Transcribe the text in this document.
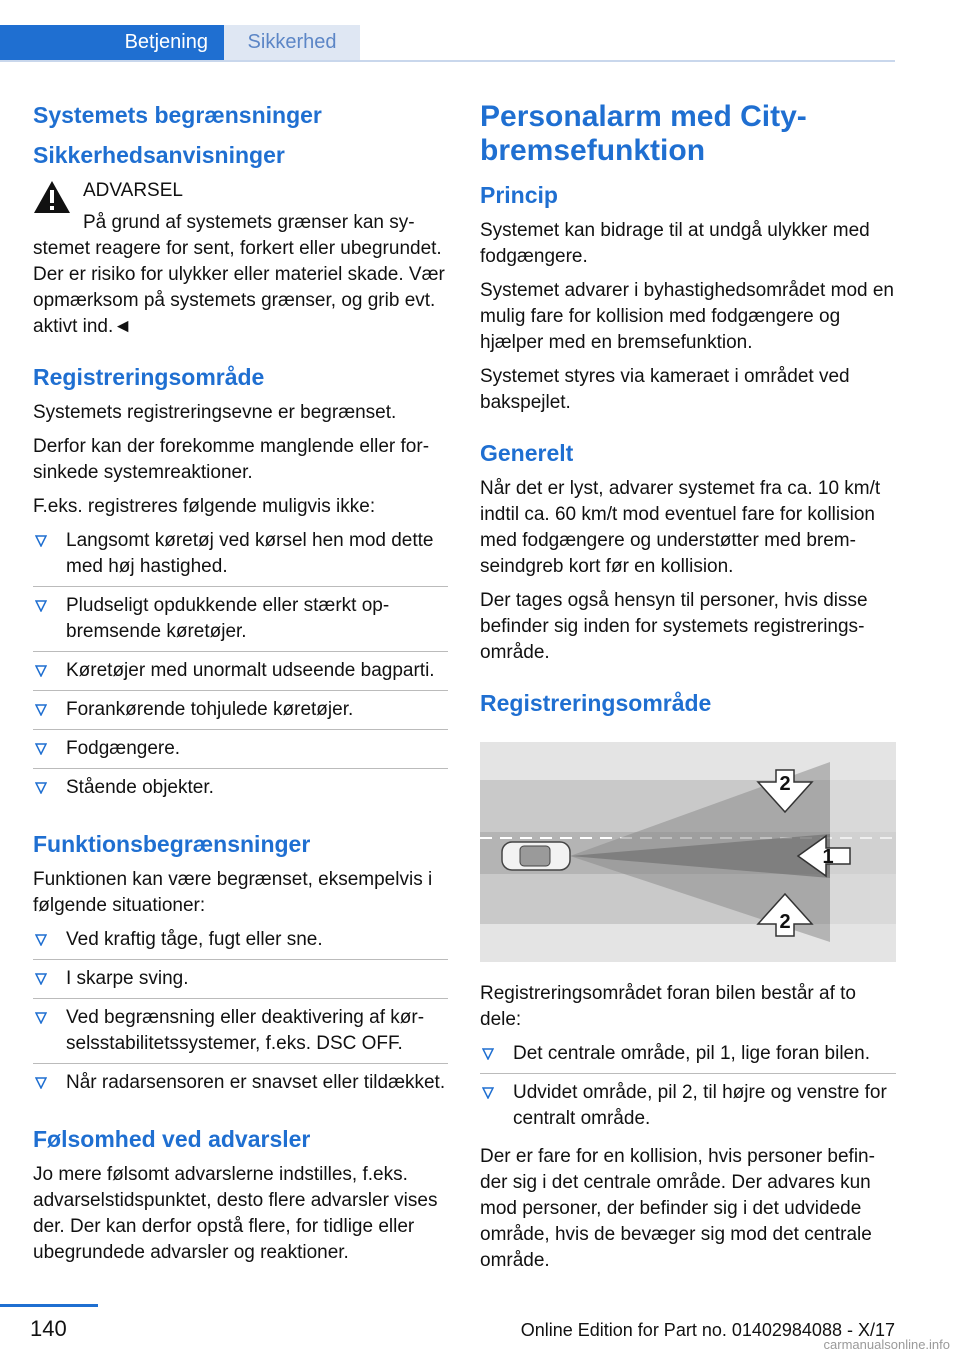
Betjening	Sikkerhed
Systemets begrænsninger
Sikkerhedsanvisninger
ADVARSEL
På grund af systemets grænser kan systemet reagere for sent, forkert eller ubegrundet. Der er risiko for ulykker eller materiel skade. Vær opmærksom på systemets grænser, og grib evt. aktivt ind.◄
Registreringsområde
Systemets registreringsevne er begrænset.
Derfor kan der forekomme manglende eller forsinkede systemreaktioner.
F.eks. registreres følgende muligvis ikke:
Langsomt køretøj ved kørsel hen mod dette med høj hastighed.
Pludseligt opdukkende eller stærkt opbremsende køretøjer.
Køretøjer med unormalt udseende bagparti.
Forankørende tohjulede køretøjer.
Fodgængere.
Stående objekter.
Funktionsbegrænsninger
Funktionen kan være begrænset, eksempelvis i følgende situationer:
Ved kraftig tåge, fugt eller sne.
I skarpe sving.
Ved begrænsning eller deaktivering af kørselsstabilitetssystemer, f.eks. DSC OFF.
Når radarsensoren er snavset eller tildækket.
Følsomhed ved advarsler
Jo mere følsomt advarslerne indstilles, f.eks. advarselstidspunktet, desto flere advarsler vises der. Der kan derfor opstå flere, for tidlige eller ubegrundede advarsler og reaktioner.
Personalarm med City-bremsefunktion
Princip
Systemet kan bidrage til at undgå ulykker med fodgængere.
Systemet advarer i byhastighedsområdet mod en mulig fare for kollision med fodgængere og hjælper med en bremsefunktion.
Systemet styres via kameraet i området ved bakspejlet.
Generelt
Når det er lyst, advarer systemet fra ca. 10 km/t indtil ca. 60 km/t mod eventuel fare for kollision med fodgængere og understøtter med bremseindgreb kort før en kollision.
Der tages også hensyn til personer, hvis disse befinder sig inden for systemets registreringsområde.
Registreringsområde
2
1
2
Registreringsområdet foran bilen består af to dele:
Det centrale område, pil 1, lige foran bilen.
Udvidet område, pil 2, til højre og venstre for centralt område.
Der er fare for en kollision, hvis personer befinder sig i det centrale område. Der advares kun mod personer, der befinder sig i det udvidede område, hvis de bevæger sig mod det centrale område.
140	Online Edition for Part no. 01402984088 - X/17
carmanualsonline.info
